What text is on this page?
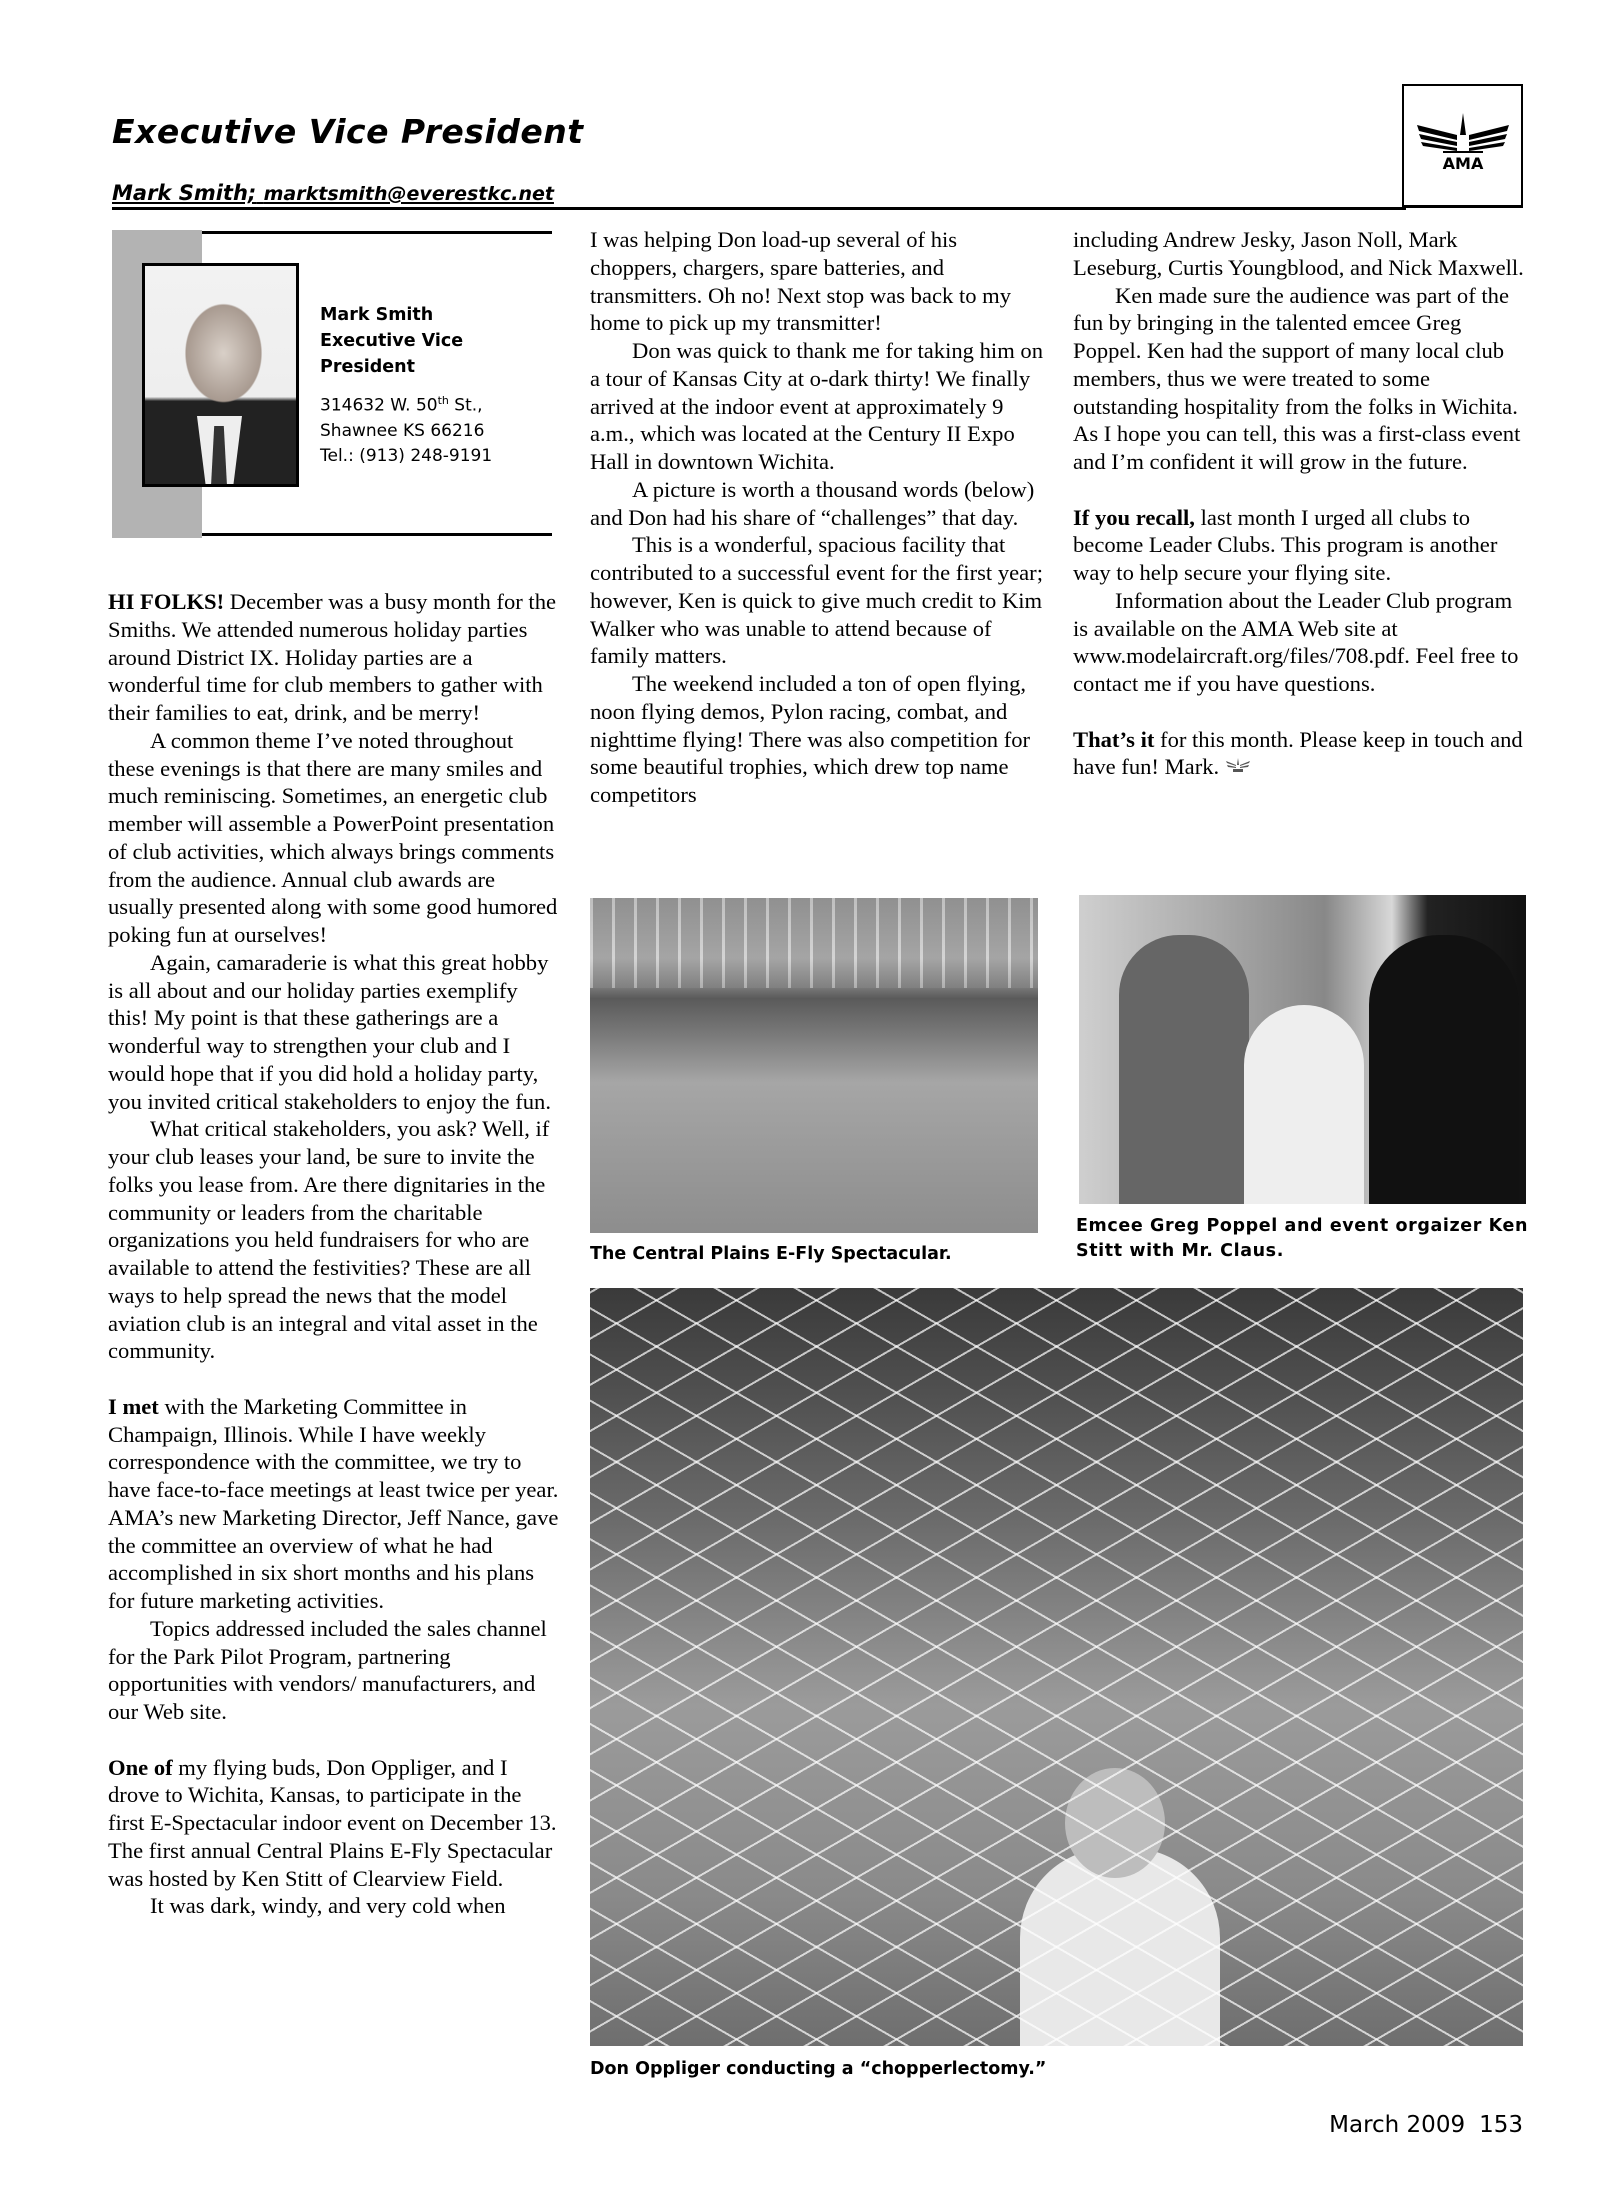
Executive Vice President
Mark Smith; marktsmith@everestkc.net
AMA
Mark Smith
Executive Vice
President
314632 W. 50th St.,
Shawnee KS 66216
Tel.: (913) 248-9191

HI FOLKS! December was a busy month for the Smiths. We attended numerous holiday parties around District IX. Holiday parties are a wonderful time for club members to gather with their families to eat, drink, and be merry!

A common theme I’ve noted throughout these evenings is that there are many smiles and much reminiscing. Sometimes, an energetic club member will assemble a PowerPoint presentation of club activities, which always brings comments from the audience. Annual club awards are usually presented along with some good humored poking fun at ourselves!

Again, camaraderie is what this great hobby is all about and our holiday parties exemplify this! My point is that these gatherings are a wonderful way to strengthen your club and I would hope that if you did hold a holiday party, you invited critical stakeholders to enjoy the fun.

What critical stakeholders, you ask? Well, if your club leases your land, be sure to invite the folks you lease from. Are there dignitaries in the community or leaders from the charitable organizations you held fundraisers for who are available to attend the festivities? These are all ways to help spread the news that the model aviation club is an integral and vital asset in the community.

I met with the Marketing Committee in Champaign, Illinois. While I have weekly correspondence with the committee, we try to have face-to-face meetings at least twice per year. AMA’s new Marketing Director, Jeff Nance, gave the committee an overview of what he had accomplished in six short months and his plans for future marketing activities.

Topics addressed included the sales channel for the Park Pilot Program, partnering opportunities with vendors/ manufacturers, and our Web site.

One of my flying buds, Don Oppliger, and I drove to Wichita, Kansas, to participate in the first E-Spectacular indoor event on December 13. The first annual Central Plains E-Fly Spectacular was hosted by Ken Stitt of Clearview Field.

It was dark, windy, and very cold when

I was helping Don load-up several of his choppers, chargers, spare batteries, and transmitters. Oh no! Next stop was back to my home to pick up my transmitter!

Don was quick to thank me for taking him on a tour of Kansas City at o-dark thirty! We finally arrived at the indoor event at approximately 9 a.m., which was located at the Century II Expo Hall in downtown Wichita.

A picture is worth a thousand words (below) and Don had his share of “challenges” that day.

This is a wonderful, spacious facility that contributed to a successful event for the first year; however, Ken is quick to give much credit to Kim Walker who was unable to attend because of family matters.

The weekend included a ton of open flying, noon flying demos, Pylon racing, combat, and nighttime flying! There was also competition for some beautiful trophies, which drew top name competitors

including Andrew Jesky, Jason Noll, Mark Leseburg, Curtis Youngblood, and Nick Maxwell.

Ken made sure the audience was part of the fun by bringing in the talented emcee Greg Poppel. Ken had the support of many local club members, thus we were treated to some outstanding hospitality from the folks in Wichita. As I hope you can tell, this was a first-class event and I’m confident it will grow in the future.

If you recall, last month I urged all clubs to become Leader Clubs. This program is another way to help secure your flying site.

Information about the Leader Club program is available on the AMA Web site at www.modelaircraft.org/files/708.pdf. Feel free to contact me if you have questions.

That’s it for this month. Please keep in touch and have fun! Mark.

The Central Plains E-Fly Spectacular.
Emcee Greg Poppel and event orgaizer Ken Stitt with Mr. Claus.
Don Oppliger conducting a “chopperlectomy.”
March 2009 153
